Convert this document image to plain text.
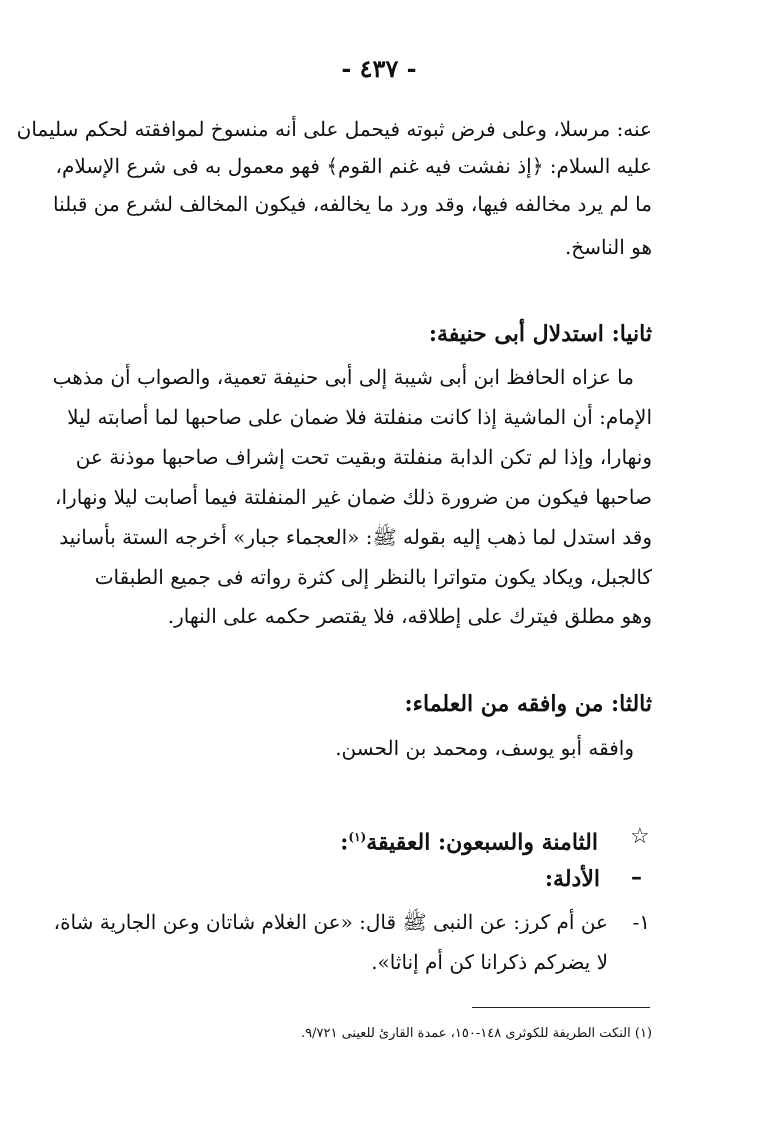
- ٤٣٧ -
عنه: مرسلا، وعلى فرض ثبوته فيحمل على أنه منسوخ لموافقته لحكم سليمان
عليه السلام: ﴿إذ نفشت فيه غنم القوم﴾ فهو معمول به فى شرع الإسلام،
ما لم يرد مخالفه فيها، وقد ورد ما يخالفه، فيكون المخالف لشرع من قبلنا
هو الناسخ.
ثانيا: استدلال أبى حنيفة:
ما عزاه الحافظ ابن أبى شيبة إلى أبى حنيفة تعمية، والصواب أن مذهب
الإمام: أن الماشية إذا كانت منفلتة فلا ضمان على صاحبها لما أصابته ليلا
ونهارا، وإذا لم تكن الدابة منفلتة وبقيت تحت إشراف صاحبها موذنة عن
صاحبها فيكون من ضرورة ذلك ضمان غير المنفلتة فيما أصابت ليلا ونهارا،
وقد استدل لما ذهب إليه بقوله ﷺ: «العجماء جبار» أخرجه الستة بأسانيد
كالجبل، ويكاد يكون متواترا بالنظر إلى كثرة رواته فى جميع الطبقات
وهو مطلق فيترك على إطلاقه، فلا يقتصر حكمه على النهار.
ثالثا: من وافقه من العلماء:
وافقه أبو يوسف، ومحمد بن الحسن.
☆
الثامنة والسبعون: العقيقة$^{(١)}$:
–
الأدلة:
١-
عن أم كرز: عن النبى ﷺ قال: «عن الغلام شاتان وعن الجارية شاة،
لا يضركم ذكرانا كن أم إناثا».
(١) النكت الطريفة للكوثرى ١٤٨-١٥٠، عمدة القارئ للعينى ٩/٧٢١.
